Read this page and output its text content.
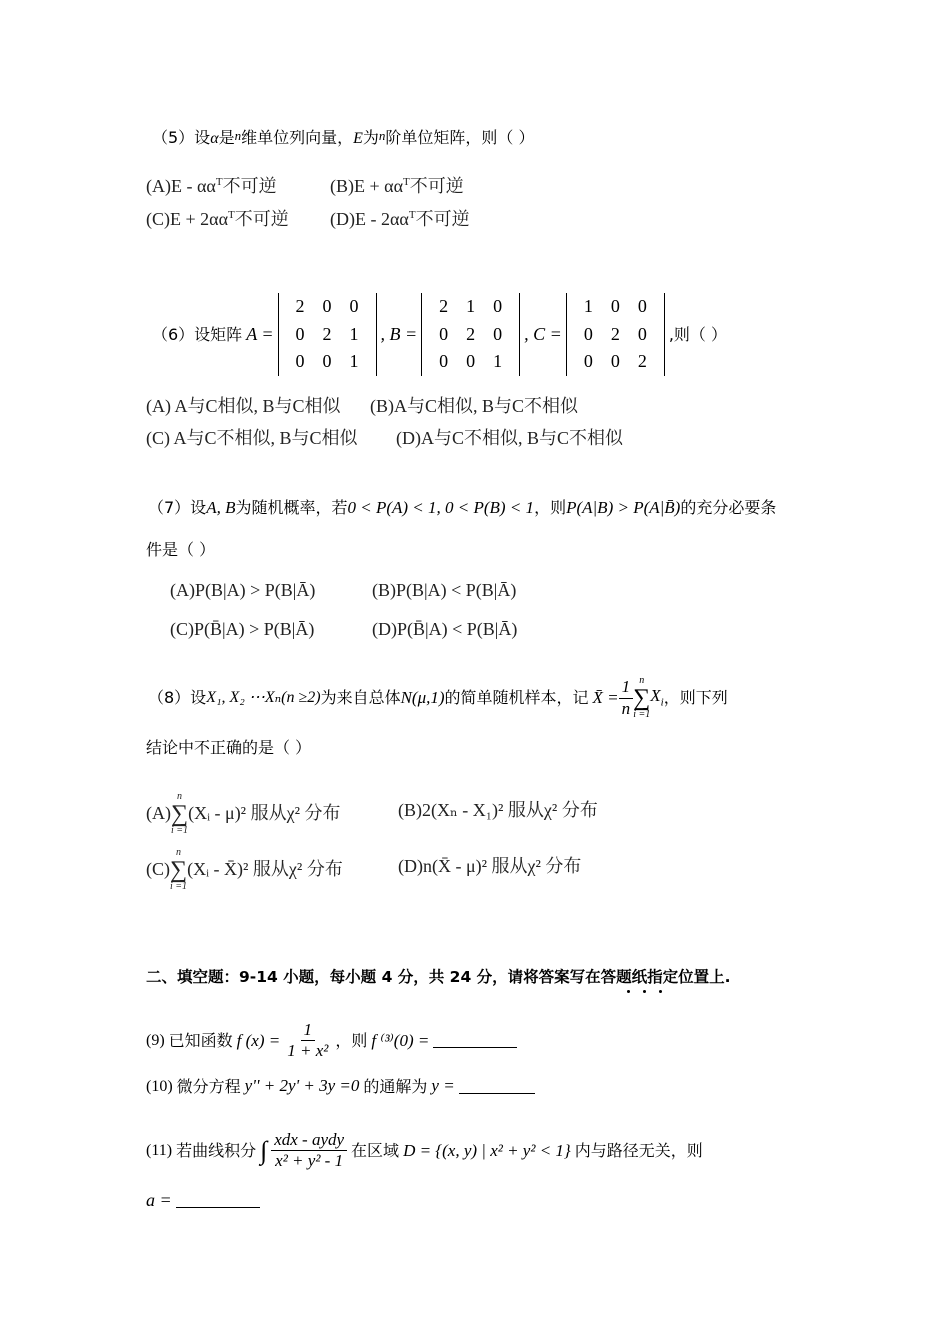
（5）设α是$^n$维单位列向量，E为$^n$阶单位矩阵，则（ ）
$(A)E - \alpha\alpha^T$不可逆	$(B)E + \alpha\alpha^T$不可逆
$(C)E + 2\alpha\alpha^T$不可逆 $(D)E - 2\alpha\alpha^T$不可逆
（6）设矩阵 A =
2	0	0
0	2	1
0	0	1
, B =
2	1	0
0	2	0
0	0	1
, C =
1	0	0
0	2	0
0	0	2
,则（ ）
(A) A与C相似, B与C相似 (B)A与C相似, B与C不相似
(C) A与C不相似, B与C相似 (D)A与C不相似, B与C不相似
（7）设A, B为随机概率，若0 < P(A) < 1, 0 < P(B) < 1，则P(A|B) > P(A|B̄)的充分必要条
件是（ ）
(A)P(B|A) > P(B|Ā)	(B)P(B|A) < P(B|Ā)
(C)P(B̄|A) > P(B|Ā)	(D)P(B̄|A) < P(B|Ā)
（8）设 X₁, X₂ ⋯Xₙ(n ≥2) 为来自总体 N(μ,1) 的简单随机样本，记 X̄ = $\frac{1}{n}$ n
∑
i =1
$X_i$ ，则下列
结论中不正确的是（ ）
(A)
n
∑
i =1
(Xᵢ - μ)² 服从χ² 分布	(B)2(Xₙ - X₁)² 服从χ² 分布
(C)
n
∑
i =1
(Xᵢ - X̄)² 服从χ² 分布	(D)n(X̄ - μ)² 服从χ² 分布
二、填空题：9-14 小题，每小题 4 分，共 24 分，请将答案写在答题纸指定位置上.
(9) 已知函数 f $(x) = \frac{1}{\text{1 + x²}}$ ，则 f ⁽³⁾(0) =
(10) 微分方程 y'' + 2y' + 3y =0 的通解为 y =
(11) 若曲线积分 ∫ $\frac{\text{xdx - aydy}}{\text{x² + y² - 1}}$ 在区域 D = {(x, y) | x² + y² < 1} 内与路径无关，则
a =
